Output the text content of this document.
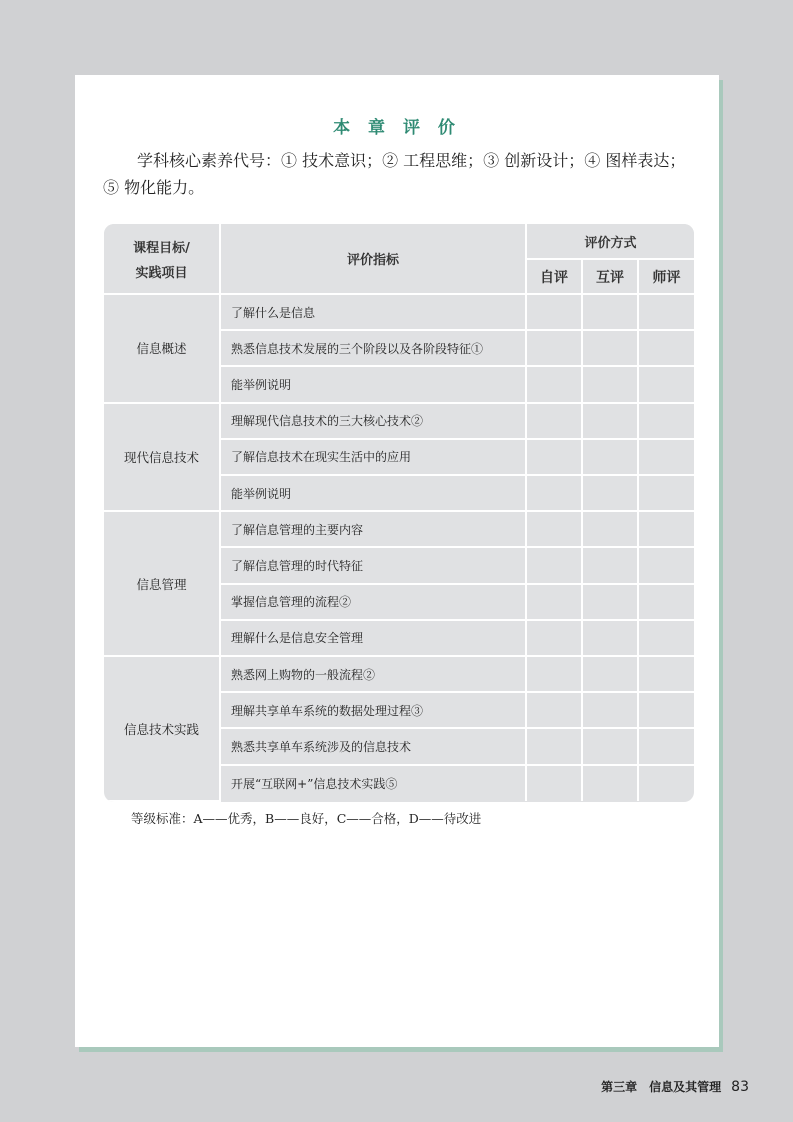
本 章 评 价
学科核心素养代号：① 技术意识；② 工程思维；③ 创新设计；④ 图样表达；⑤ 物化能力。
课程目标/
实践项目	评价指标	评价方式		
		自评	互评	师评
信息概述	了解什么是信息			
	熟悉信息技术发展的三个阶段以及各阶段特征①			
	能举例说明			
现代信息技术	理解现代信息技术的三大核心技术②			
	了解信息技术在现实生活中的应用			
	能举例说明			
信息管理	了解信息管理的主要内容			
	了解信息管理的时代特征			
	掌握信息管理的流程②			
	理解什么是信息安全管理			
信息技术实践	熟悉网上购物的一般流程②			
	理解共享单车系统的数据处理过程③			
	熟悉共享单车系统涉及的信息技术			
	开展“互联网+”信息技术实践⑤			
等级标准：A——优秀，B——良好，C——合格，D——待改进
第三章　信息及其管理 83
